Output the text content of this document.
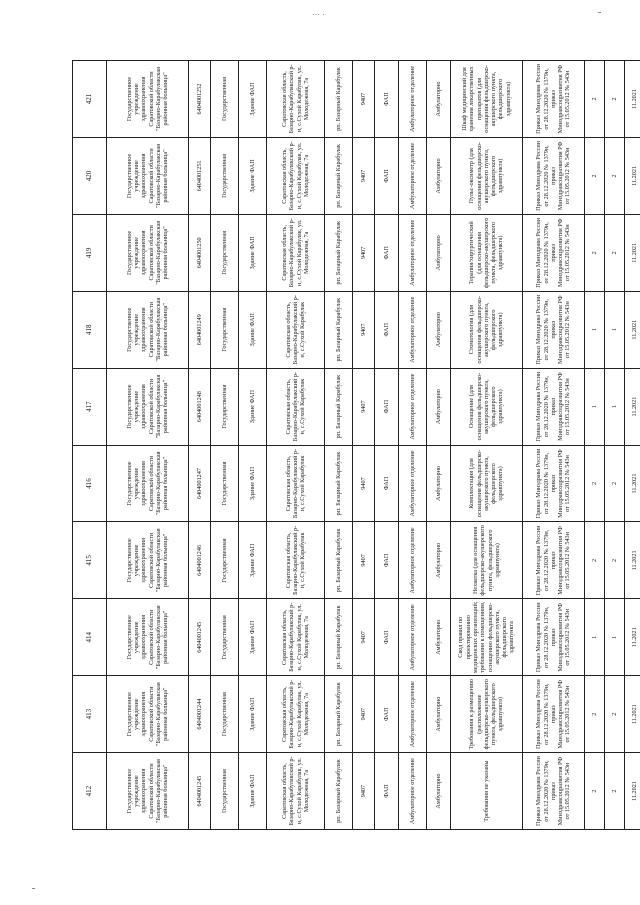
··· ·
412	413	414	415	416	417	418	419	420	421
Государственное учреждение здравоохранения Саратовской области "Базарно-Карабулакская районная больница"	Государственное учреждение здравоохранения Саратовской области "Базарно-Карабулакская районная больница"	Государственное учреждение здравоохранения Саратовской области "Базарно-Карабулакская районная больница"	Государственное учреждение здравоохранения Саратовской области "Базарно-Карабулакская районная больница"	Государственное учреждение здравоохранения Саратовской области "Базарно-Карабулакская районная больница"	Государственное учреждение здравоохранения Саратовской области "Базарно-Карабулакская районная больница"	Государственное учреждение здравоохранения Саратовской области "Базарно-Карабулакская районная больница"	Государственное учреждение здравоохранения Саратовской области "Базарно-Карабулакская районная больница"	Государственное учреждение здравоохранения Саратовской области "Базарно-Карабулакская районная больница"	Государственное учреждение здравоохранения Саратовской области "Базарно-Карабулакская районная больница"
6404001245	6404001244	6404001245	6404001246	6404001247	6404001248	6404001249	6404001250	6404001251	6404001252
Государственная	Государственная	Государственная	Государственная	Государственная	Государственная	Государственная	Государственная	Государственная	Государственная
Здание ФАП	Здание ФАП	Здание ФАП	Здание ФАП	Здание ФАП	Здание ФАП	Здание ФАП	Здание ФАП	Здание ФАП	Здание ФАП
Саратовская область, Базарно-Карабулакский р-н, с.Сухой Карабулак, ул. Молодежная, 7а	Саратовская область, Базарно-Карабулакский р-н, с.Сухой Карабулак, ул. Молодежная, 7а	Саратовская область, Базарно-Карабулакский р-н, с.Сухой Карабулак, ул. Молодежная, 7а	Саратовская область, Базарно-Карабулакский р-н, с.Сухой Карабулак	Саратовская область, Базарно-Карабулакский р-н, с.Сухой Карабулак	Саратовская область, Базарно-Карабулакский р-н, с.Сухой Карабулак	Саратовская область, Базарно-Карабулакский р-н, с.Сухой Карабулак	Саратовская область, Базарно-Карабулакский р-н, с.Сухой Карабулак, ул. Молодежная, 7а	Саратовская область, Базарно-Карабулакский р-н, с.Сухой Карабулак, ул. Молодежная, 7а	Саратовская область, Базарно-Карабулакский р-н, с.Сухой Карабулак, ул. Молодежная, 7а
рп. Базарный Карабулак	рп. Базарный Карабулак	рп. Базарный Карабулак	рп. Базарный Карабулак	рп. Базарный Карабулак	рп. Базарный Карабулак	рп. Базарный Карабулак	рп. Базарный Карабулак	рп. Базарный Карабулак	рп. Базарный Карабулак
9407	9407	9407	9407	9407	9407	9407	9407	9407	9407
ФАП	ФАП	ФАП	ФАП	ФАП	ФАП	ФАП	ФАП	ФАП	ФАП
Амбулаторное отделение	Амбулаторное отделение	Амбулаторное отделение	Амбулаторное отделение	Амбулаторное отделение	Амбулаторное отделение	Амбулаторное отделение	Амбулаторное отделение	Амбулаторное отделение	Амбулаторное отделение
Амбулаторно	Амбулаторно	Амбулаторно	Амбулаторно	Амбулаторно	Амбулаторно	Амбулаторно	Амбулаторно	Амбулаторно	Амбулаторно
Требования не указаны	Требования к размещению (расположение фельдшерско-акушерского пункта, фельдшерского здравпункта)	Свод правил по проектированию медицинских организаций; требования к помещениям, оснащению фельдшерско-акушерского пункта, фельдшерского здравпункта	Нехватка (для оснащения фельдшерско-акушерского пункта, фельдшерского здравпункта)	Комплектация (для оснащения фельдшерско-акушерского пункта, фельдшерского здравпункта)	Оснащение (для оснащения фельдшерско-акушерского пункта, фельдшерского здравпункта)	Стоматология (для оснащения фельдшерско-акушерского пункта, фельдшерского здравпункта)	Терапия/хирургический (для оснащения фельдшерско-акушерского пункта, фельдшерского здравпункта)	Пульс-оксиметр (для оснащения фельдшерско-акушерского пункта, фельдшерского здравпункта)	Шкаф медицинский для хранения лекарственных препаратов (для оснащения фельдшерско-акушерского пункта, фельдшерского здравпункта)
Приказ Минздрава России от 28.12.2020 № 1379н, приказ Минздравсоцразвития РФ от 15.05.2012 № 543н	Приказ Минздрава России от 28.12.2020 № 1379н, приказ Минздравсоцразвития РФ от 15.05.2012 № 543н	Приказ Минздрава России от 28.12.2020 № 1379н, приказ Минздравсоцразвития РФ от 15.05.2012 № 543н	Приказ Минздрава России от 28.12.2020 № 1379н, приказ Минздравсоцразвития РФ от 15.05.2012 № 543н	Приказ Минздрава России от 28.12.2020 № 1379н, приказ Минздравсоцразвития РФ от 15.05.2012 № 543н	Приказ Минздрава России от 28.12.2020 № 1379н, приказ Минздравсоцразвития РФ от 15.05.2012 № 543н	Приказ Минздрава России от 28.12.2020 № 1379н, приказ Минздравсоцразвития РФ от 15.05.2012 № 543н	Приказ Минздрава России от 28.12.2020 № 1379н, приказ Минздравсоцразвития РФ от 15.05.2012 № 543н	Приказ Минздрава России от 28.12.2020 № 1379н, приказ Минздравсоцразвития РФ от 15.05.2012 № 543н	Приказ Минздрава России от 28.12.2020 № 1379н, приказ Минздравсоцразвития РФ от 15.05.2012 № 543н
2	2	1	2	2	1	1	2	2	2
2	2	1	2	2	1	1	2	2	2
11.2021	11.2021	11.2021	11.2021	11.2021	11.2021	11.2021	11.2021	11.2021	11.2021
